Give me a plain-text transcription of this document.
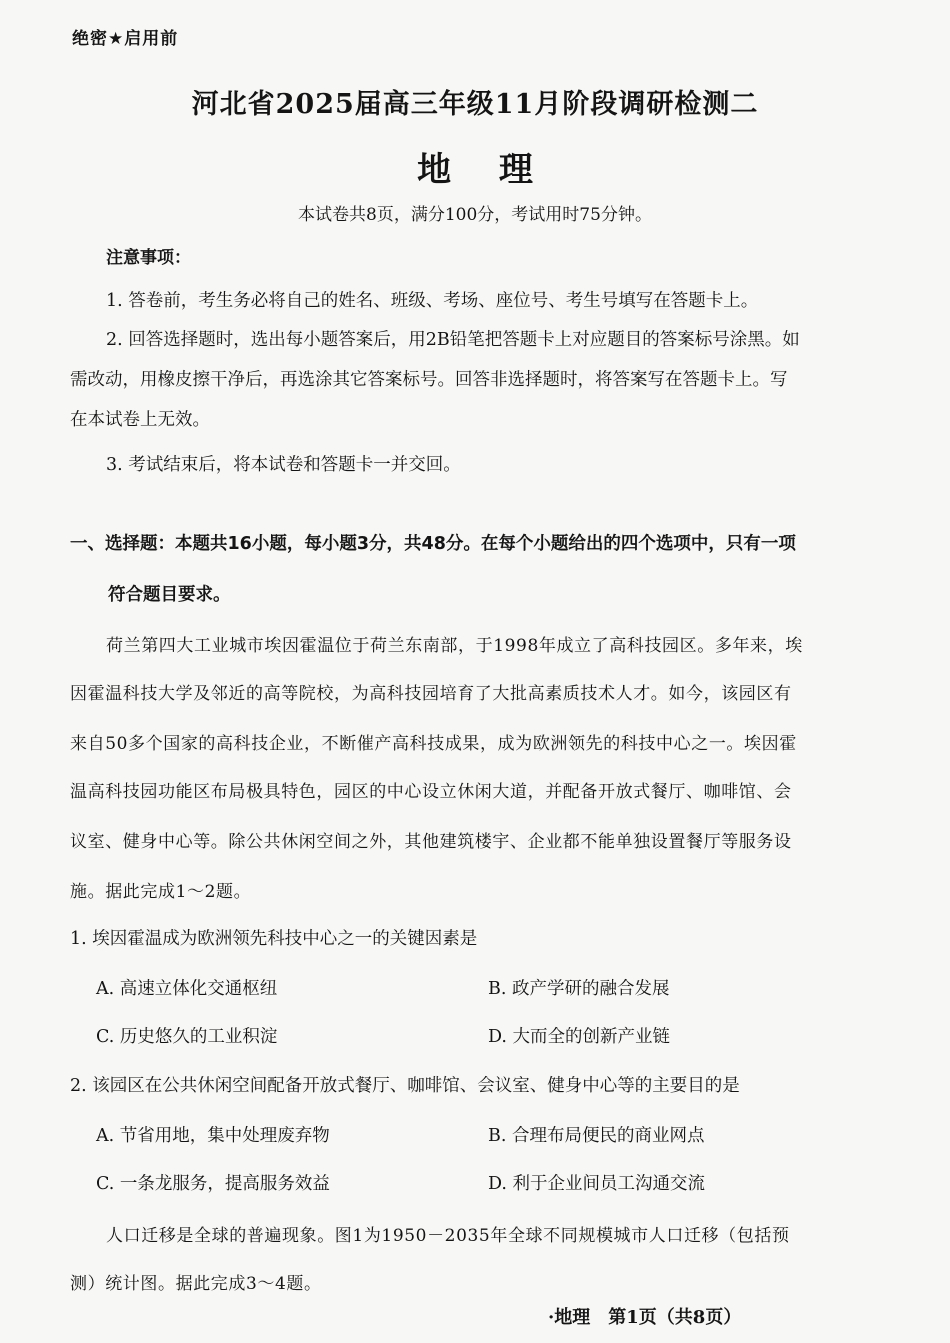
绝密★启用前
河北省2025届高三年级11月阶段调研检测二
地 理
本试卷共8页，满分100分，考试用时75分钟。
注意事项：
1. 答卷前，考生务必将自己的姓名、班级、考场、座位号、考生号填写在答题卡上。
2. 回答选择题时，选出每小题答案后，用2B铅笔把答题卡上对应题目的答案标号涂黑。如
需改动，用橡皮擦干净后，再选涂其它答案标号。回答非选择题时，将答案写在答题卡上。写
在本试卷上无效。
3. 考试结束后，将本试卷和答题卡一并交回。
一、选择题：本题共16小题，每小题3分，共48分。在每个小题给出的四个选项中，只有一项
符合题目要求。
荷兰第四大工业城市埃因霍温位于荷兰东南部，于1998年成立了高科技园区。多年来，埃
因霍温科技大学及邻近的高等院校，为高科技园培育了大批高素质技术人才。如今，该园区有
来自50多个国家的高科技企业，不断催产高科技成果，成为欧洲领先的科技中心之一。埃因霍
温高科技园功能区布局极具特色，园区的中心设立休闲大道，并配备开放式餐厅、咖啡馆、会
议室、健身中心等。除公共休闲空间之外，其他建筑楼宇、企业都不能单独设置餐厅等服务设
施。据此完成1～2题。
1. 埃因霍温成为欧洲领先科技中心之一的关键因素是
A. 高速立体化交通枢纽	B. 政产学研的融合发展
C. 历史悠久的工业积淀	D. 大而全的创新产业链
2. 该园区在公共休闲空间配备开放式餐厅、咖啡馆、会议室、健身中心等的主要目的是
A. 节省用地，集中处理废弃物	B. 合理布局便民的商业网点
C. 一条龙服务，提高服务效益	D. 利于企业间员工沟通交流
人口迁移是全球的普遍现象。图1为1950－2035年全球不同规模城市人口迁移（包括预
测）统计图。据此完成3～4题。
·地理　第1页（共8页）
